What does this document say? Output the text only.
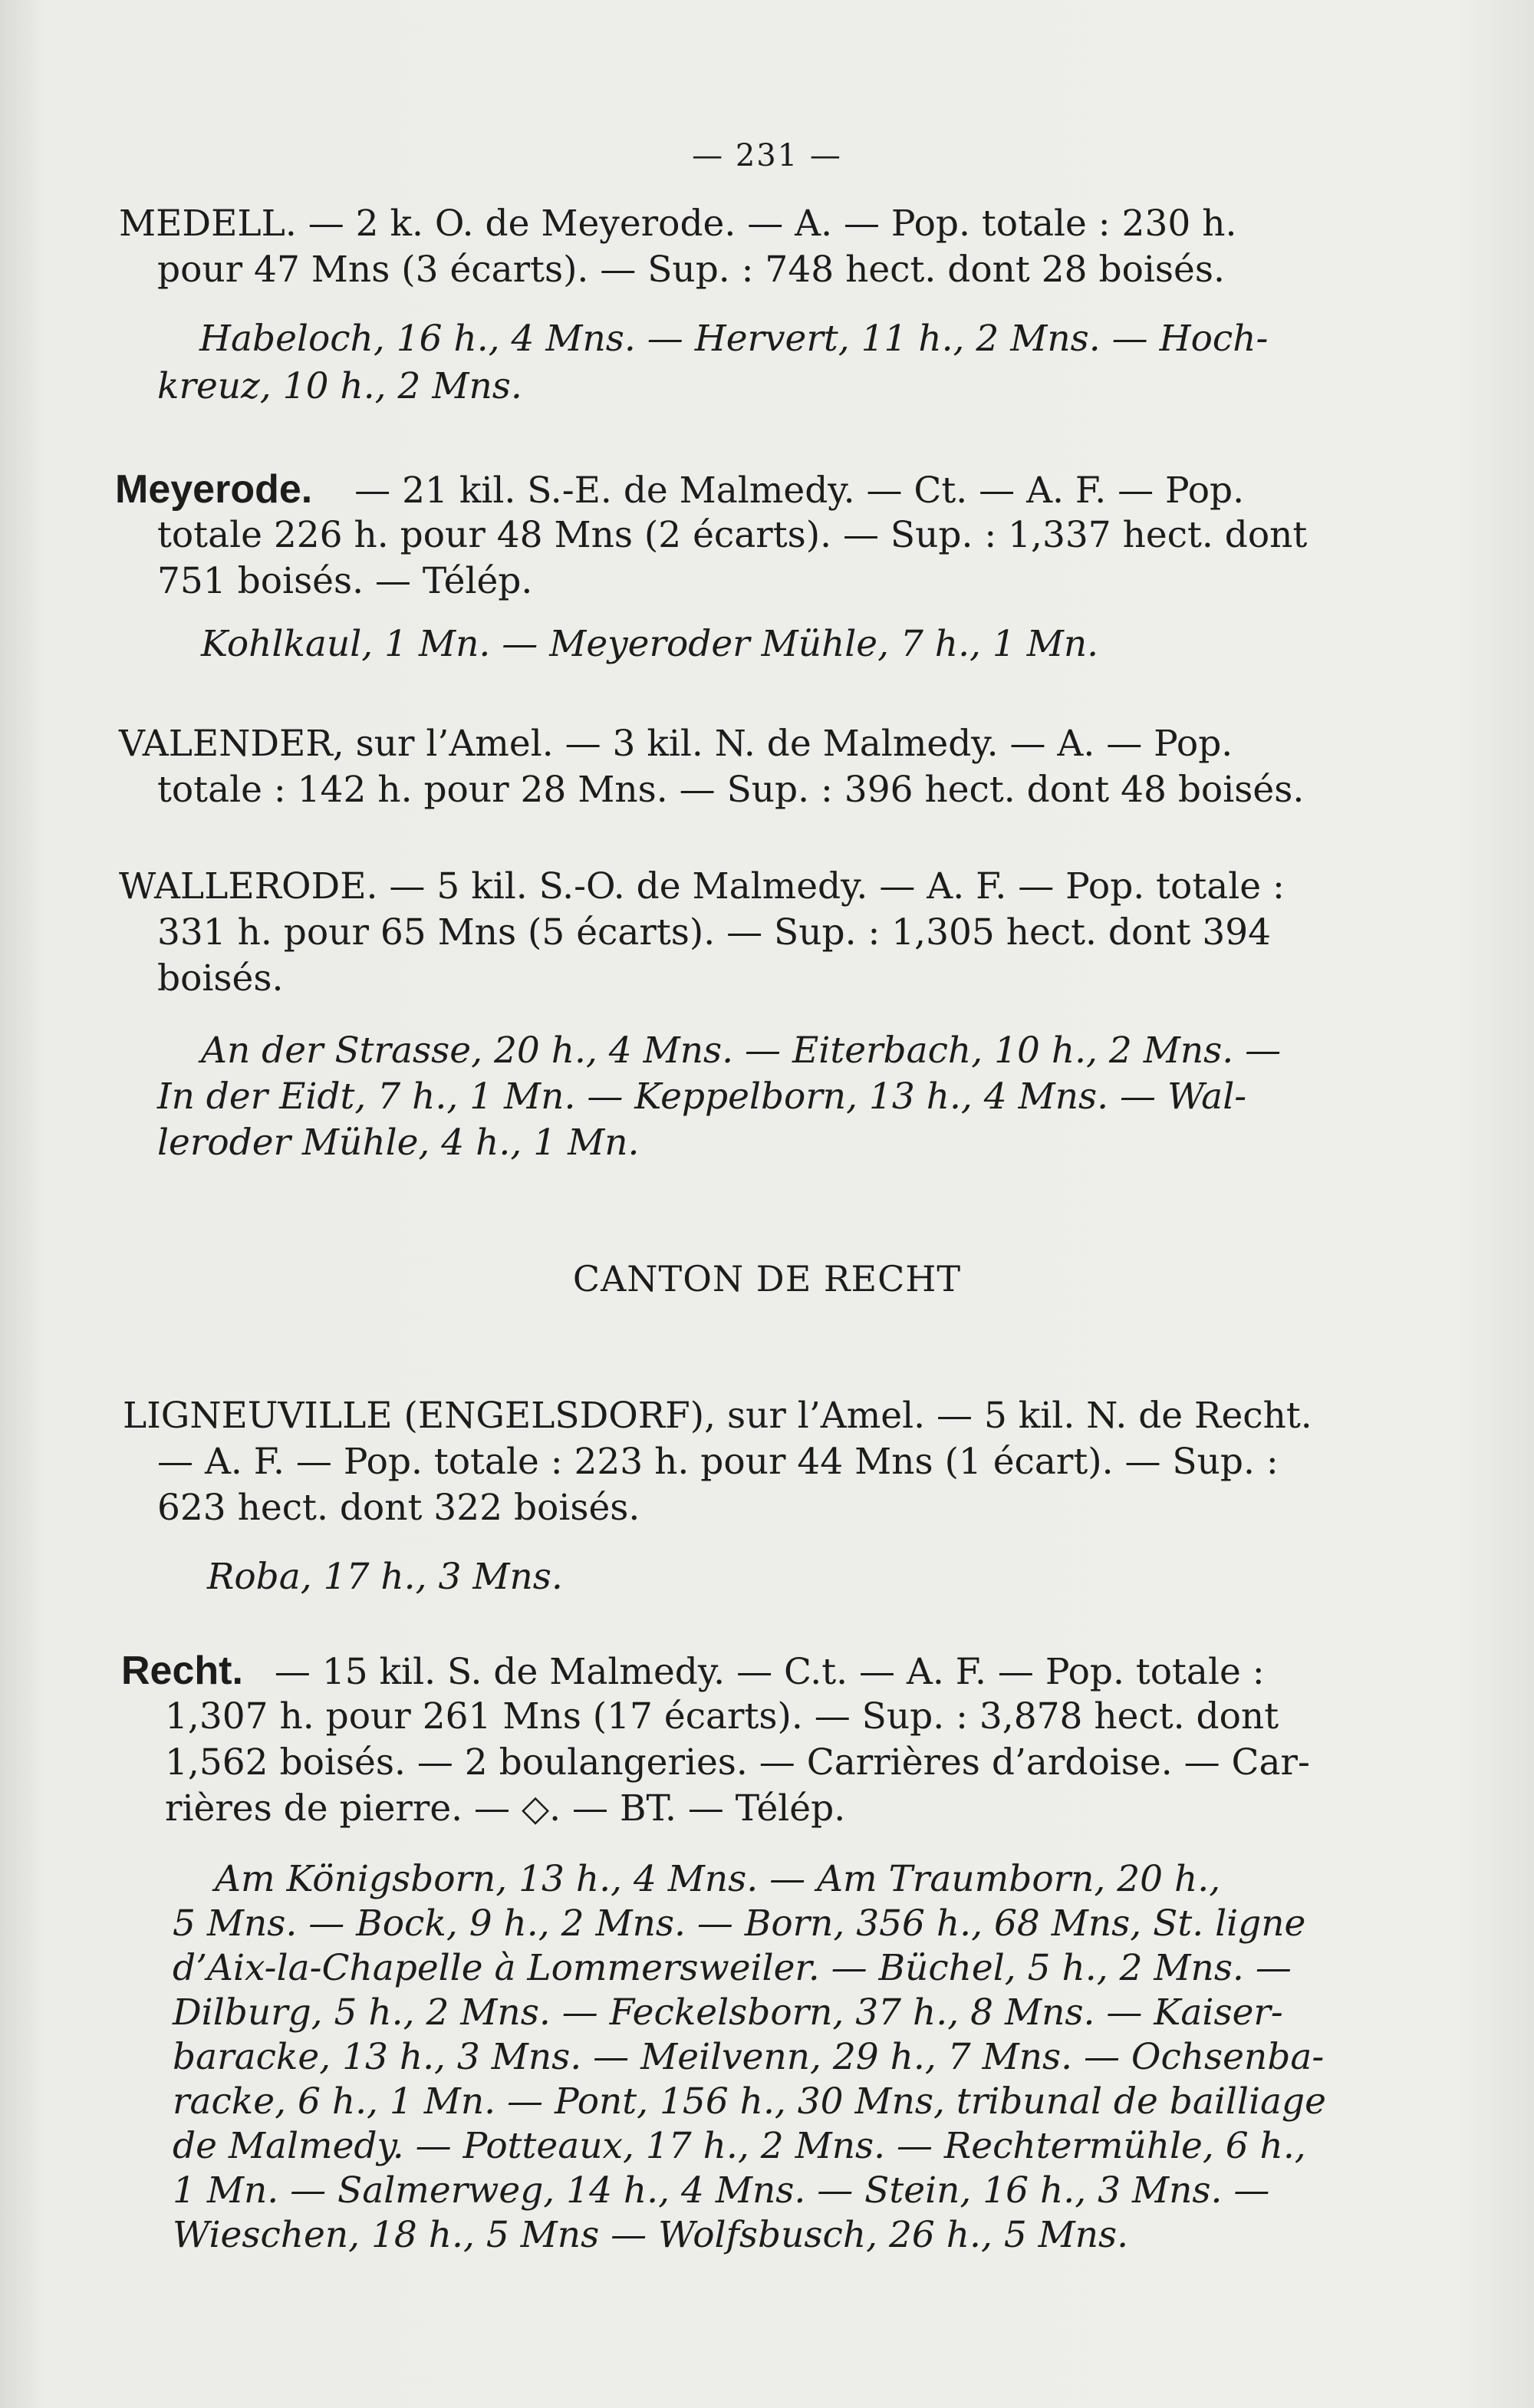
— 231 —
MEDELL. — 2 k. O. de Meyerode. — A. — Pop. totale : 230 h.
pour 47 Mns (3 écarts). — Sup. : 748 hect. dont 28 boisés.
Habeloch, 16 h., 4 Mns. — Hervert, 11 h., 2 Mns. — Hoch-
kreuz, 10 h., 2 Mns.
Meyerode. — 21 kil. S.-E. de Malmedy. — Ct. — A. F. — Pop.
totale 226 h. pour 48 Mns (2 écarts). — Sup. : 1,337 hect. dont
751 boisés. — Télép.
Kohlkaul, 1 Mn. — Meyeroder Mühle, 7 h., 1 Mn.
VALENDER, sur l’Amel. — 3 kil. N. de Malmedy. — A. — Pop.
totale : 142 h. pour 28 Mns. — Sup. : 396 hect. dont 48 boisés.
WALLERODE. — 5 kil. S.-O. de Malmedy. — A. F. — Pop. totale :
331 h. pour 65 Mns (5 écarts). — Sup. : 1,305 hect. dont 394
boisés.
An der Strasse, 20 h., 4 Mns. — Eiterbach, 10 h., 2 Mns. —
In der Eidt, 7 h., 1 Mn. — Keppelborn, 13 h., 4 Mns. — Wal-
leroder Mühle, 4 h., 1 Mn.
CANTON DE RECHT
LIGNEUVILLE (ENGELSDORF), sur l’Amel. — 5 kil. N. de Recht.
— A. F. — Pop. totale : 223 h. pour 44 Mns (1 écart). — Sup. :
623 hect. dont 322 boisés.
Roba, 17 h., 3 Mns.
Recht. — 15 kil. S. de Malmedy. — C.t. — A. F. — Pop. totale :
1,307 h. pour 261 Mns (17 écarts). — Sup. : 3,878 hect. dont
1,562 boisés. — 2 boulangeries. — Carrières d’ardoise. — Car-
rières de pierre. — ◇. — BT. — Télép.
Am Königsborn, 13 h., 4 Mns. — Am Traumborn, 20 h.,
5 Mns. — Bock, 9 h., 2 Mns. — Born, 356 h., 68 Mns, St. ligne
d’Aix-la-Chapelle à Lommersweiler. — Büchel, 5 h., 2 Mns. —
Dilburg, 5 h., 2 Mns. — Feckelsborn, 37 h., 8 Mns. — Kaiser-
baracke, 13 h., 3 Mns. — Meilvenn, 29 h., 7 Mns. — Ochsenba-
racke, 6 h., 1 Mn. — Pont, 156 h., 30 Mns, tribunal de bailliage
de Malmedy. — Potteaux, 17 h., 2 Mns. — Rechtermühle, 6 h.,
1 Mn. — Salmerweg, 14 h., 4 Mns. — Stein, 16 h., 3 Mns. —
Wieschen, 18 h., 5 Mns — Wolfsbusch, 26 h., 5 Mns.
